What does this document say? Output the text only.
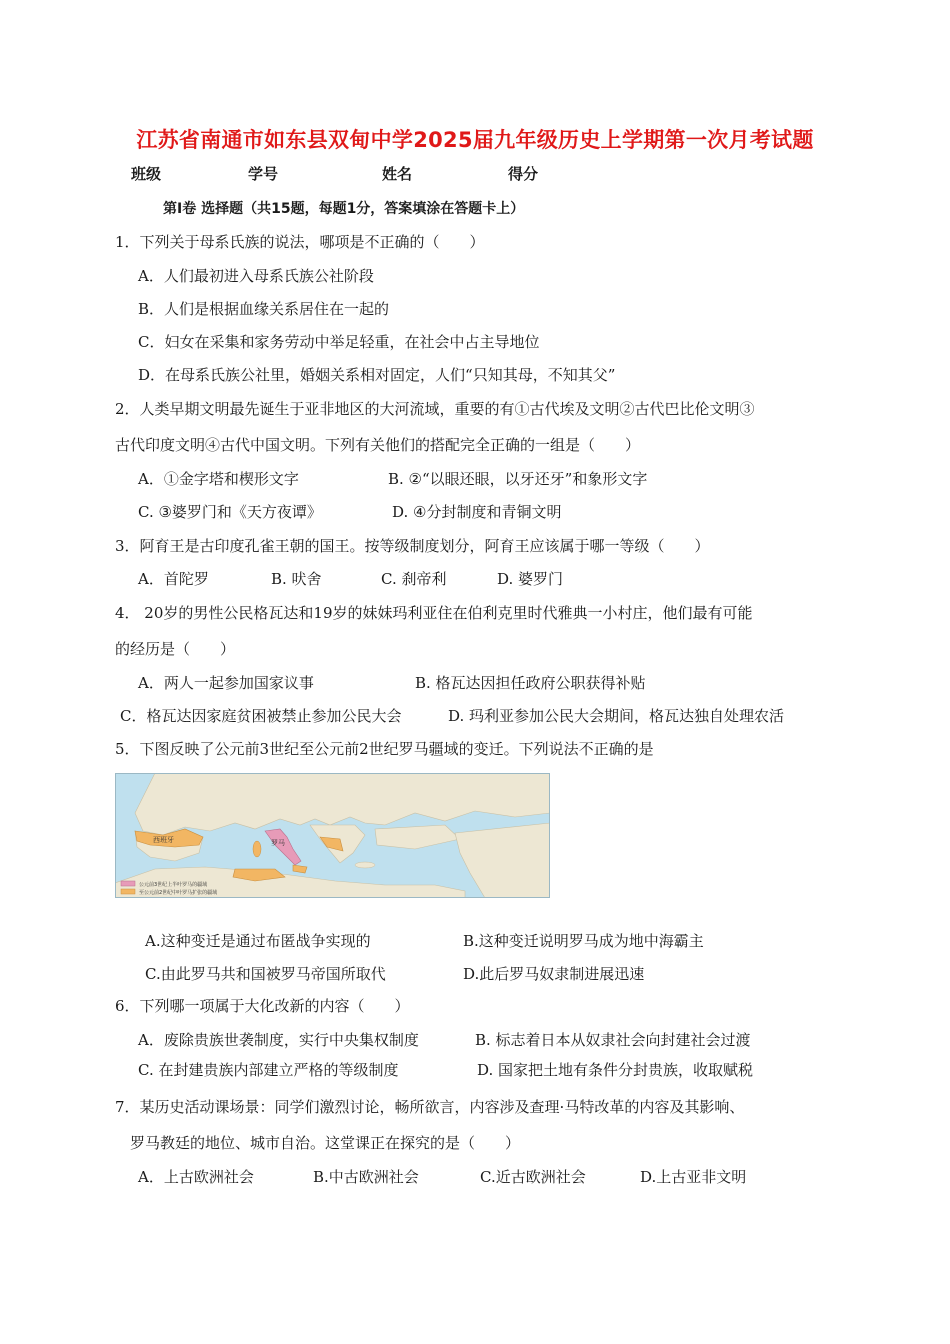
江苏省南通市如东县双甸中学2025届九年级历史上学期第一次月考试题
班级	学号	姓名	得分
第Ⅰ卷 选择题（共15题，每题1分，答案填涂在答题卡上）
1．下列关于母系氏族的说法，哪项是不正确的（　　）
A．人们最初进入母系氏族公社阶段
B．人们是根据血缘关系居住在一起的
C．妇女在采集和家务劳动中举足轻重，在社会中占主导地位
D．在母系氏族公社里，婚姻关系相对固定，人们“只知其母，不知其父”
2．人类早期文明最先诞生于亚非地区的大河流域，重要的有①古代埃及文明②古代巴比伦文明③
古代印度文明④古代中国文明。下列有关他们的搭配完全正确的一组是（　　）
A．①金字塔和楔形文字	B. ②“以眼还眼，以牙还牙”和象形文字
C. ③婆罗门和《天方夜谭》	D. ④分封制度和青铜文明
3．阿育王是古印度孔雀王朝的国王。按等级制度划分，阿育王应该属于哪一等级（　　）
A．首陀罗	B. 吠舍	C. 刹帝利	D. 婆罗门
4． 20岁的男性公民格瓦达和19岁的妹妹玛利亚住在伯利克里时代雅典一小村庄，他们最有可能
的经历是（　　）
A．两人一起参加国家议事	B. 格瓦达因担任政府公职获得补贴
C．格瓦达因家庭贫困被禁止参加公民大会	D. 玛利亚参加公民大会期间，格瓦达独自处理农活
5．下图反映了公元前3世纪至公元前2世纪罗马疆域的变迁。下列说法不正确的是
西班牙	罗马
公元前3世纪上半叶罗马的疆域
至公元前2世纪中叶罗马扩张的疆域
A.这种变迁是通过布匿战争实现的	B.这种变迁说明罗马成为地中海霸主
C.由此罗马共和国被罗马帝国所取代	D.此后罗马奴隶制进展迅速
6．下列哪一项属于大化改新的内容（　　）
A．废除贵族世袭制度，实行中央集权制度	B. 标志着日本从奴隶社会向封建社会过渡
C. 在封建贵族内部建立严格的等级制度	D. 国家把土地有条件分封贵族，收取赋税
7．某历史活动课场景：同学们激烈讨论，畅所欲言，内容涉及查理·马特改革的内容及其影响、
罗马教廷的地位、城市自治。这堂课正在探究的是（　　）
A．上古欧洲社会	B.中古欧洲社会	C.近古欧洲社会	D.上古亚非文明
